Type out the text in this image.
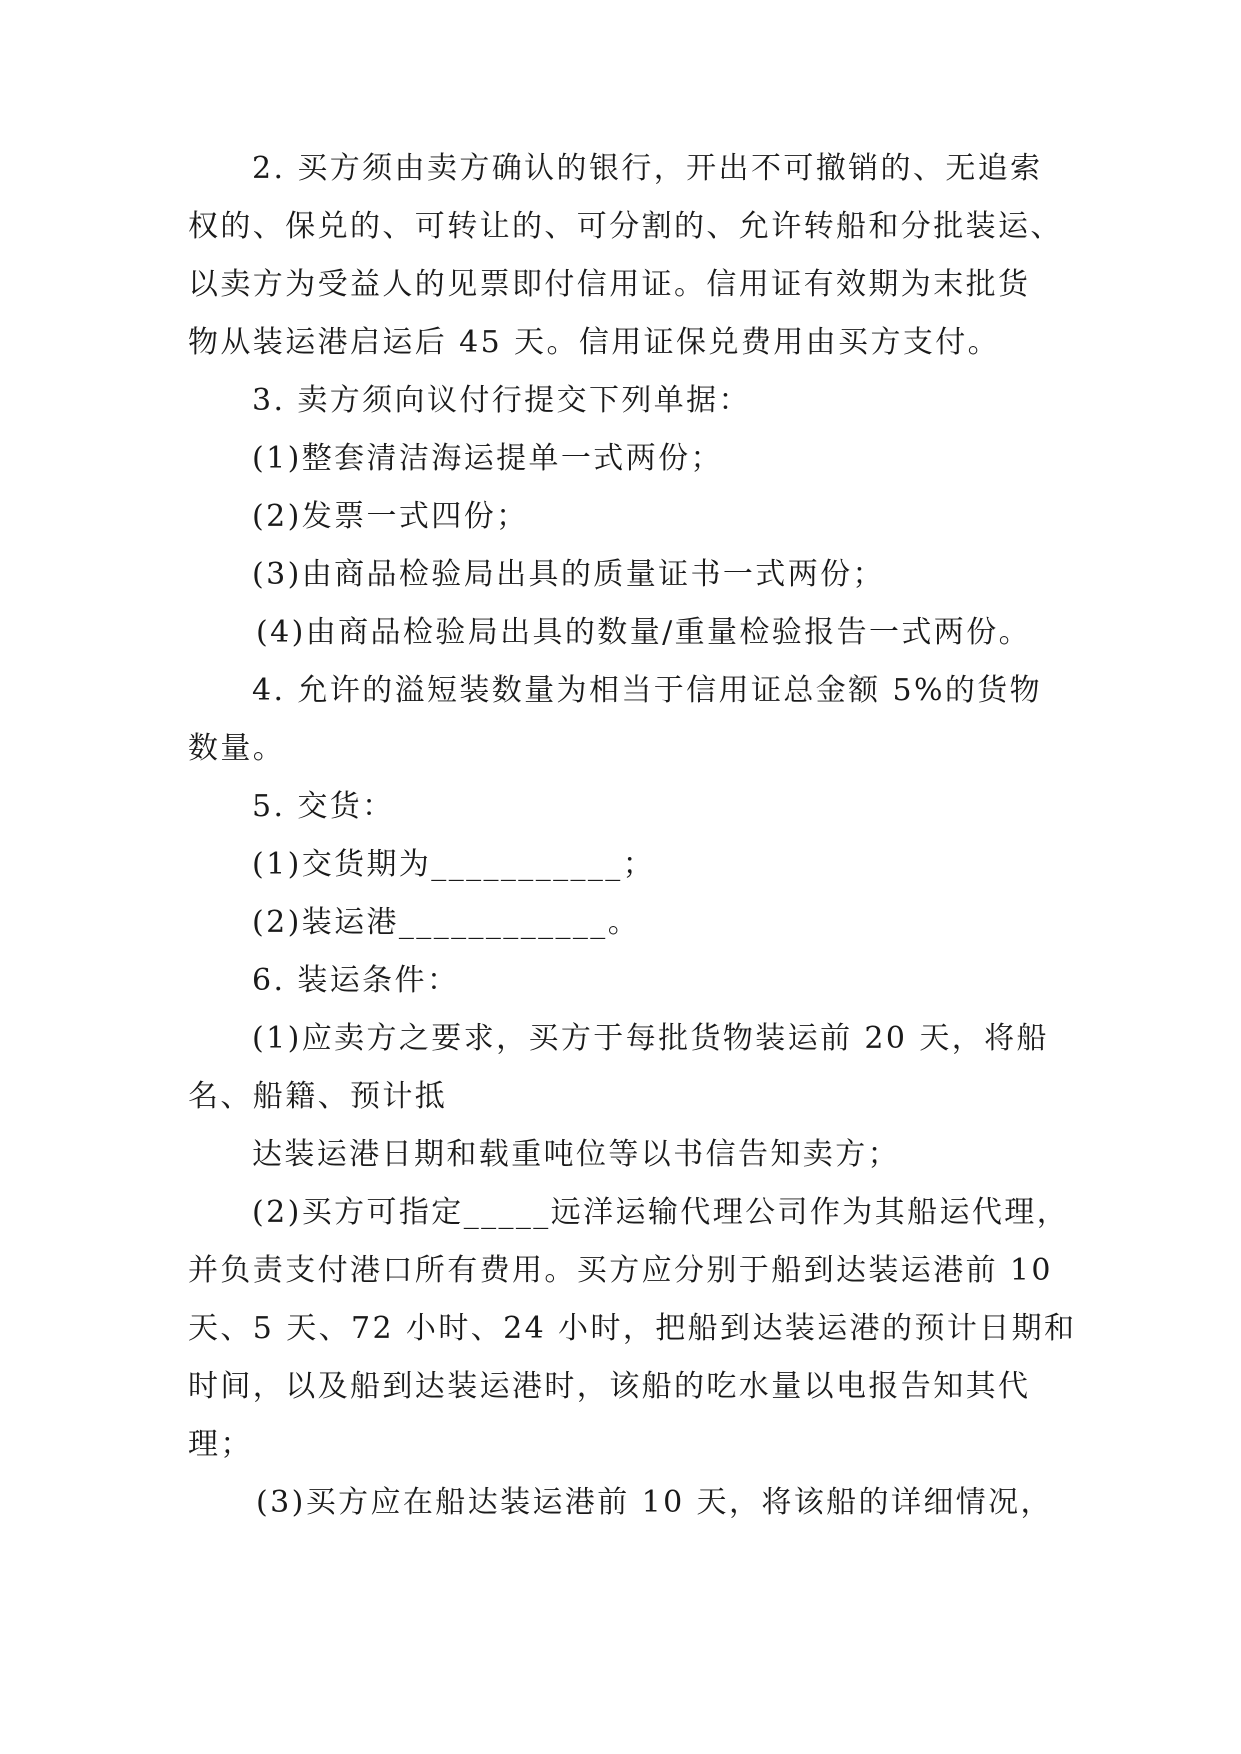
2. 买方须由卖方确认的银行，开出不可撤销的、无追索
权的、保兑的、可转让的、可分割的、允许转船和分批装运、
以卖方为受益人的见票即付信用证。信用证有效期为末批货
物从装运港启运后 45 天。信用证保兑费用由买方支付。
3. 卖方须向议付行提交下列单据：
(1)整套清洁海运提单一式两份；
(2)发票一式四份；
(3)由商品检验局出具的质量证书一式两份；
(4)由商品检验局出具的数量/重量检验报告一式两份。
4. 允许的溢短装数量为相当于信用证总金额 5%的货物
数量。
5. 交货：
(1)交货期为___________；
(2)装运港____________。
6. 装运条件：
(1)应卖方之要求，买方于每批货物装运前 20 天，将船
名、船籍、预计抵
达装运港日期和载重吨位等以书信告知卖方；
(2)买方可指定_____远洋运输代理公司作为其船运代理，
并负责支付港口所有费用。买方应分别于船到达装运港前 10
天、5 天、72 小时、24 小时，把船到达装运港的预计日期和
时间，以及船到达装运港时，该船的吃水量以电报告知其代
理；
(3)买方应在船达装运港前 10 天，将该船的详细情况，
